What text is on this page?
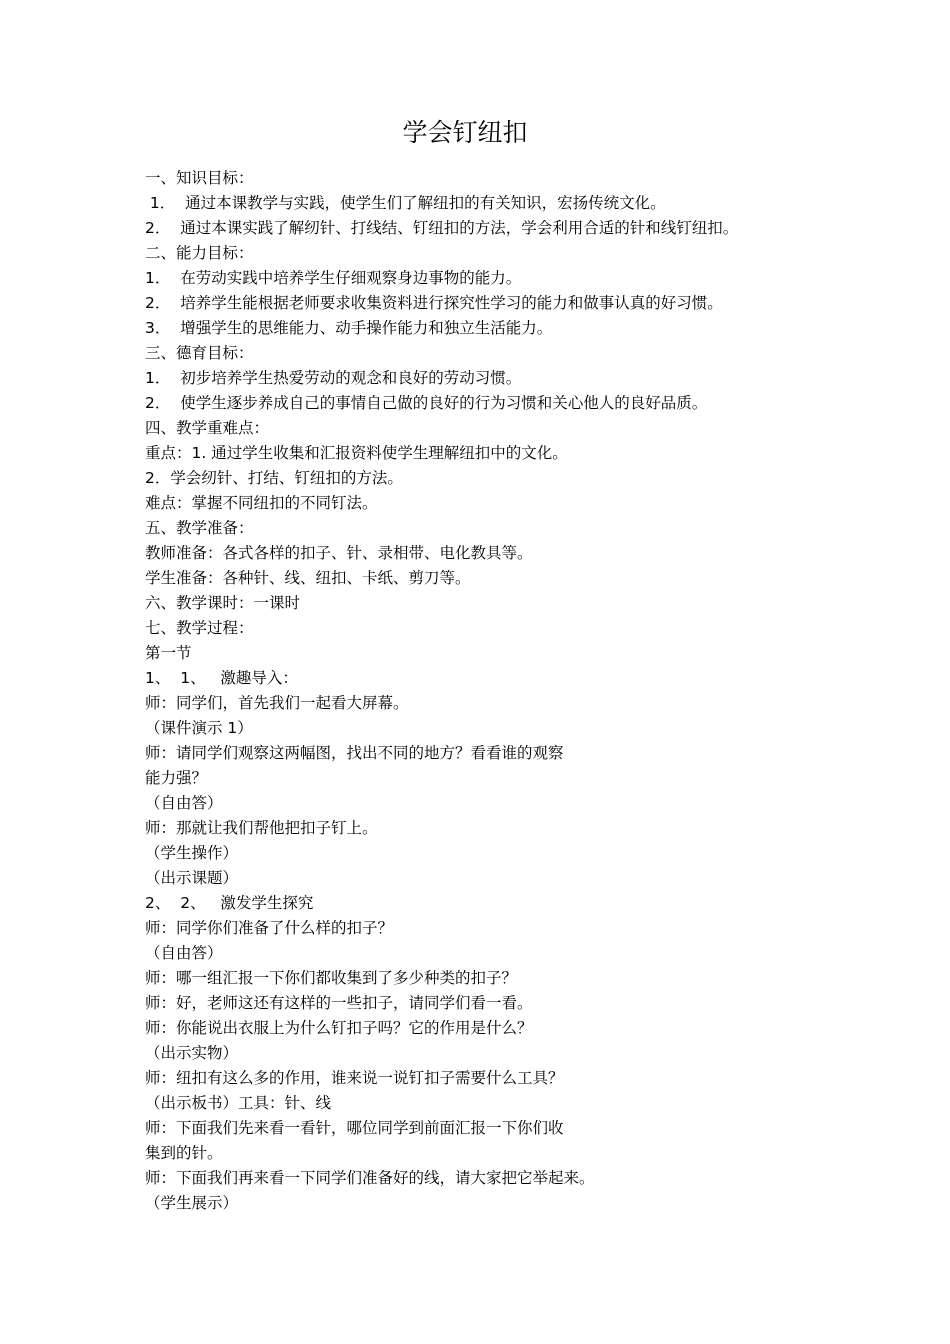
学会钉纽扣
一、知识目标：
1．  通过本课教学与实践，使学生们了解纽扣的有关知识，宏扬传统文化。
2．  通过本课实践了解纫针、打线结、钉纽扣的方法，学会利用合适的针和线钉纽扣。
二、能力目标：
1．  在劳动实践中培养学生仔细观察身边事物的能力。
2．  培养学生能根据老师要求收集资料进行探究性学习的能力和做事认真的好习惯。
3．  增强学生的思维能力、动手操作能力和独立生活能力。
三、德育目标：
1．  初步培养学生热爱劳动的观念和良好的劳动习惯。
2．  使学生逐步养成自己的事情自己做的良好的行为习惯和关心他人的良好品质。
四、教学重难点：
重点：1. 通过学生收集和汇报资料使学生理解纽扣中的文化。
2．学会纫针、打结、钉纽扣的方法。
难点：掌握不同纽扣的不同钉法。
五、教学准备：
教师准备：各式各样的扣子、针、录相带、电化教具等。
学生准备：各种针、线、纽扣、卡纸、剪刀等。
六、教学课时：一课时
七、教学过程：
第一节
1、  1、   激趣导入：
师：同学们，首先我们一起看大屏幕。
（课件演示 1）
师：请同学们观察这两幅图，找出不同的地方？看看谁的观察
能力强？
（自由答）
师：那就让我们帮他把扣子钉上。
（学生操作）
（出示课题）
2、  2、   激发学生探究
师：同学你们准备了什么样的扣子？
（自由答）
师：哪一组汇报一下你们都收集到了多少种类的扣子？
师：好，老师这还有这样的一些扣子，请同学们看一看。
师：你能说出衣服上为什么钉扣子吗？它的作用是什么？
（出示实物）
师：纽扣有这么多的作用，谁来说一说钉扣子需要什么工具？
（出示板书）工具：针、线
师：下面我们先来看一看针，哪位同学到前面汇报一下你们收
集到的针。
师：下面我们再来看一下同学们准备好的线，请大家把它举起来。
（学生展示）
